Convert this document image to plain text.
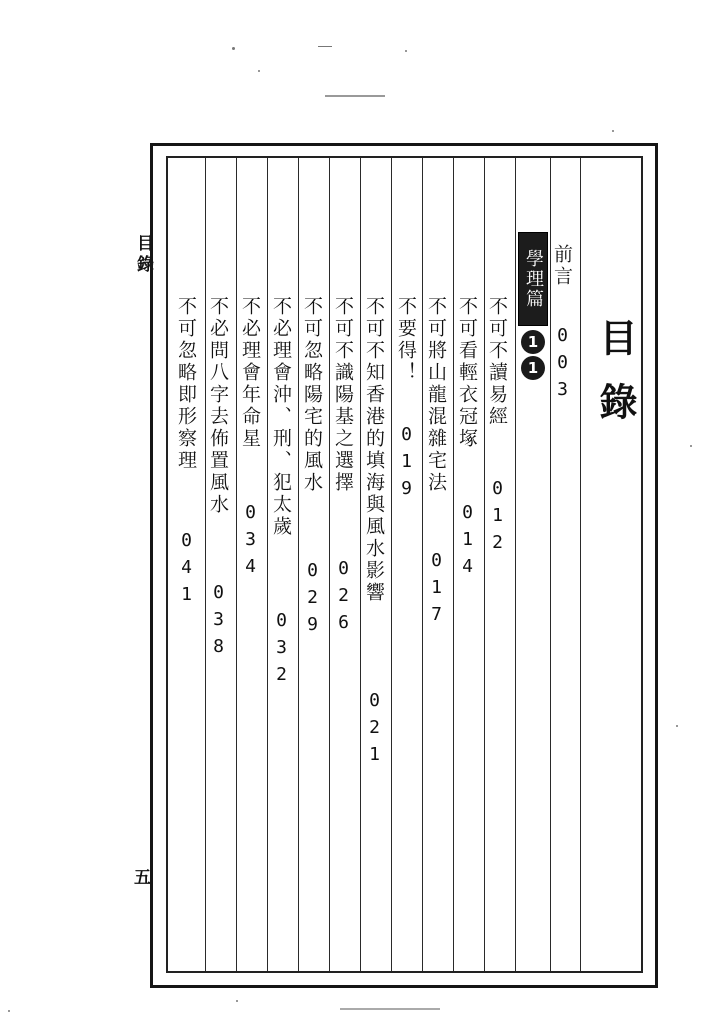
目錄
五
目錄
前言
003
學理篇
1
1
不可不讀易經
012
不可看輕衣冠塚
014
不可將山龍混雜宅法
017
不要得！
019
不可不知香港的填海與風水影響
021
不可不識陽基之選擇
026
不可忽略陽宅的風水
029
不必理會沖、刑、犯太歲
032
不必理會年命星
034
不必問八字去佈置風水
038
不可忽略即形察理
041
